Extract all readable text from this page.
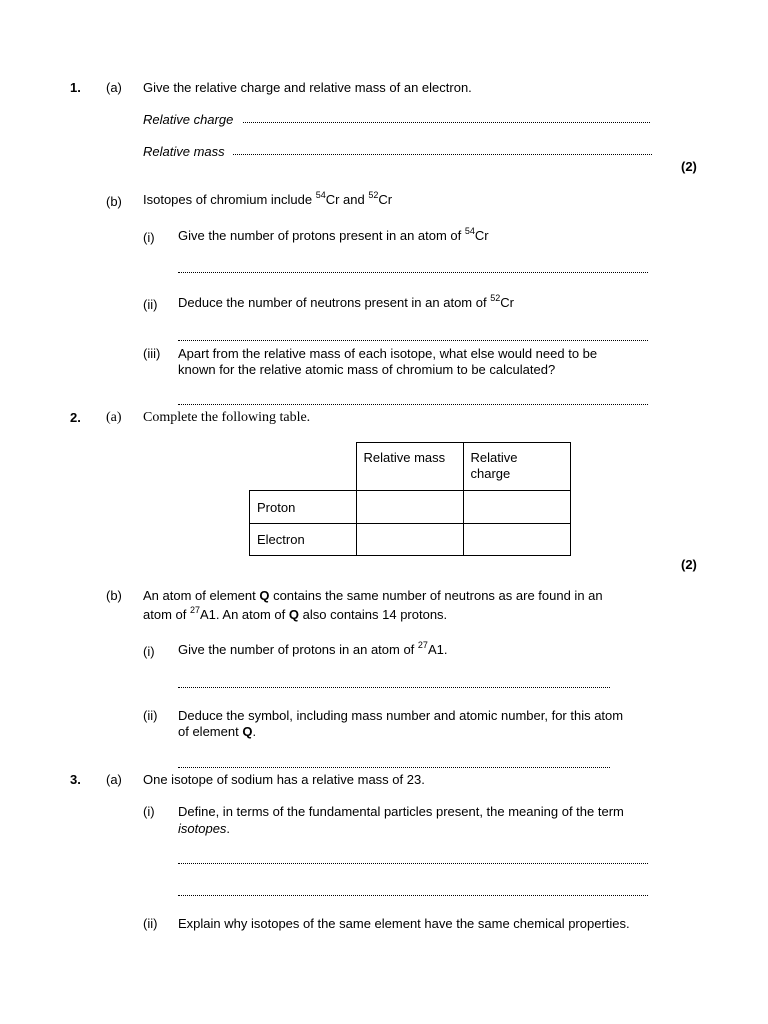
1. (a) Give the relative charge and relative mass of an electron.
Relative charge
Relative mass
(2)
(b) Isotopes of chromium include $^{54}$Cr and $^{52}$Cr
(i) Give the number of protons present in an atom of $^{54}$Cr
(ii) Deduce the number of neutrons present in an atom of $^{52}$Cr
(iii) Apart from the relative mass of each isotope, what else would need to be
known for the relative atomic mass of chromium to be calculated?
2. (a) Complete the following table.
	Relative mass	Relative
charge
Proton		
Electron		
(2)
(b) An atom of element Q contains the same number of neutrons as are found in an
atom of $^{27}$A1. An atom of Q also contains 14 protons.
(i) Give the number of protons in an atom of $^{27}$A1.
(ii) Deduce the symbol, including mass number and atomic number, for this atom
of element Q.
3. (a) One isotope of sodium has a relative mass of 23.
(i) Define, in terms of the fundamental particles present, the meaning of the term
isotopes.
(ii) Explain why isotopes of the same element have the same chemical properties.
